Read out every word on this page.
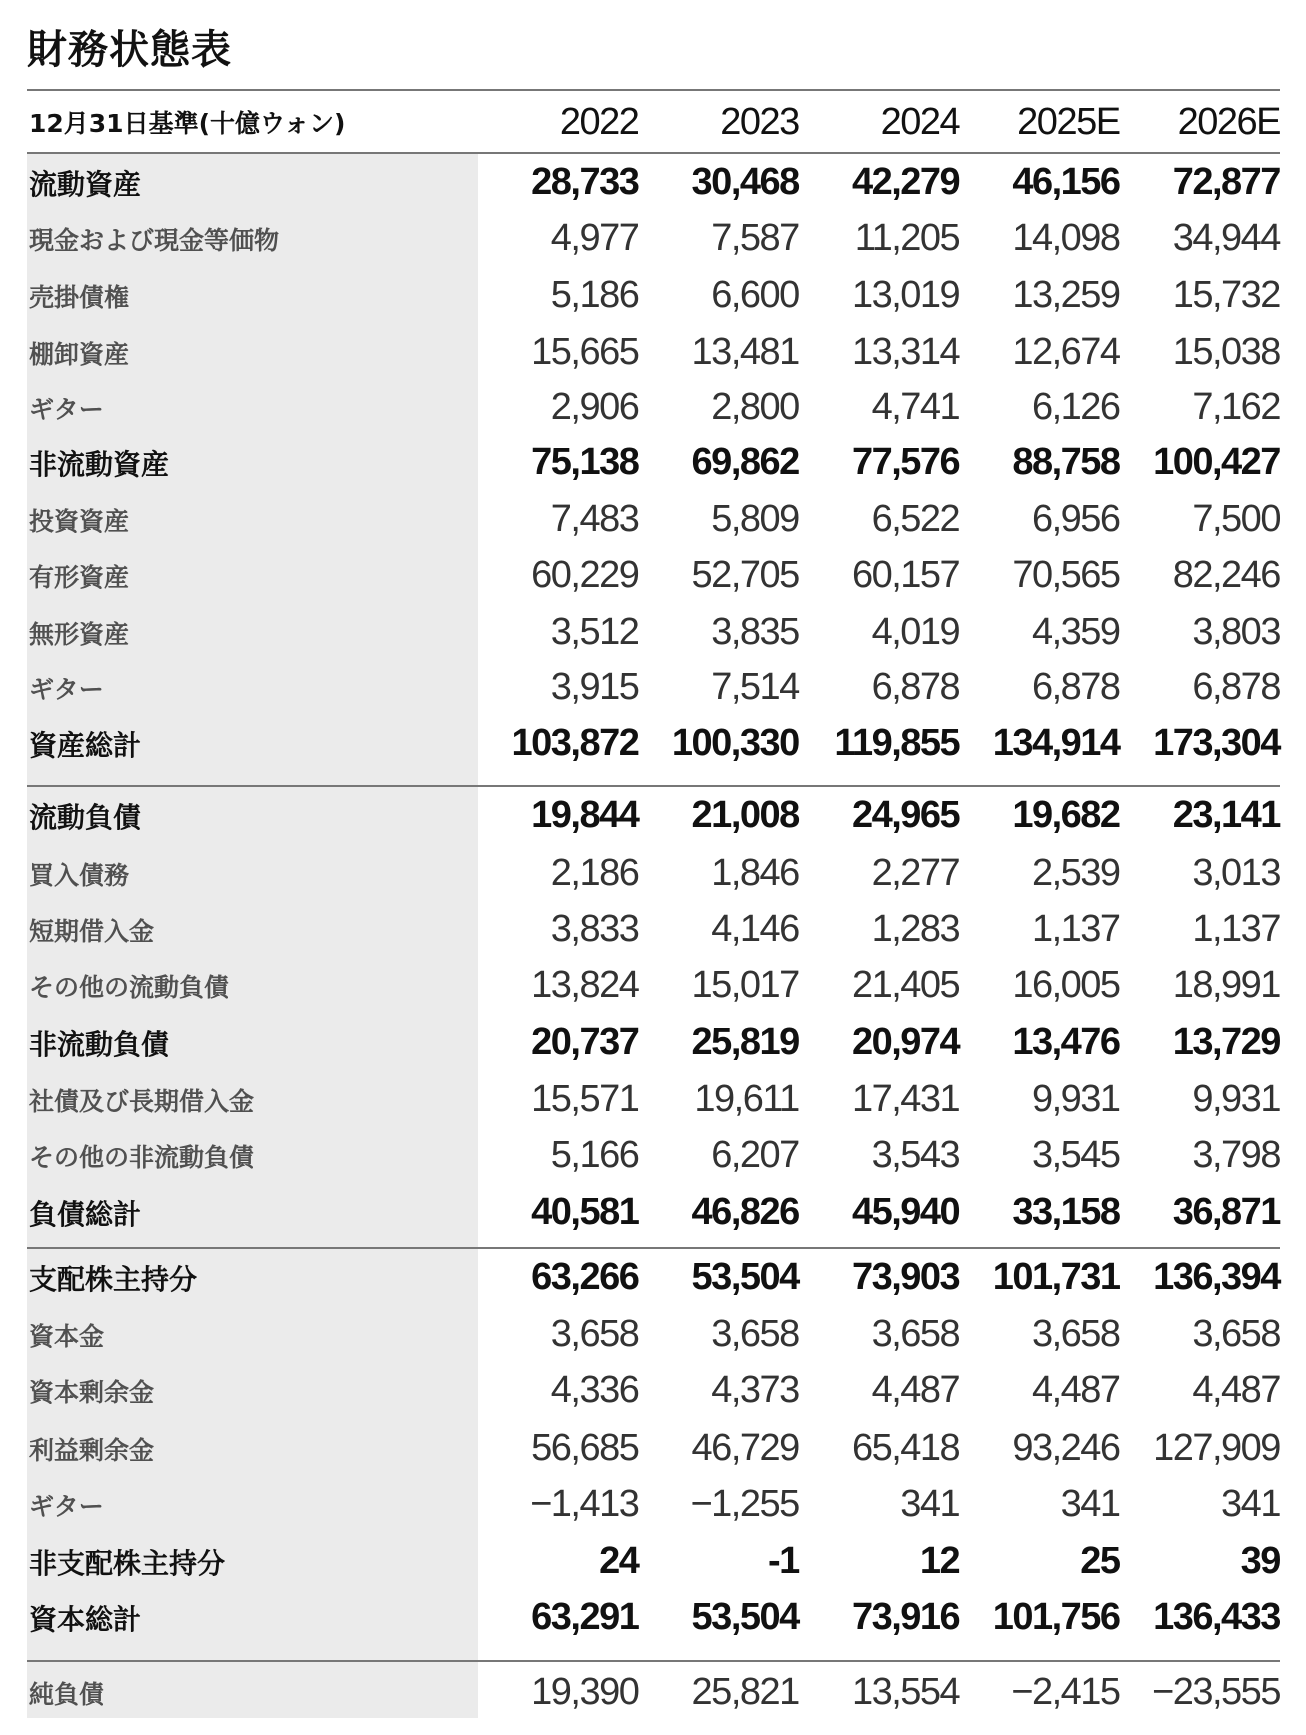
財務状態表
12月31日基準(十億ウォン)	2022	2023	2024	2025E	2026E
流動資産	28,733	30,468	42,279	46,156	72,877
現金および現金等価物	4,977	7,587	11,205	14,098	34,944
売掛債権	5,186	6,600	13,019	13,259	15,732
棚卸資産	15,665	13,481	13,314	12,674	15,038
ギター	2,906	2,800	4,741	6,126	7,162
非流動資産	75,138	69,862	77,576	88,758 100,427
投資資産	7,483	5,809	6,522	6,956	7,500
有形資産	60,229	52,705	60,157	70,565	82,246
無形資産	3,512	3,835	4,019	4,359	3,803
ギター	3,915	7,514	6,878	6,878	6,878
資産総計	103,872 100,330 119,855 134,914 173,304
流動負債	19,844	21,008	24,965	19,682	23,141
買入債務	2,186	1,846	2,277	2,539	3,013
短期借入金	3,833	4,146	1,283	1,137	1,137
その他の流動負債	13,824	15,017	21,405	16,005	18,991
非流動負債	20,737	25,819	20,974	13,476	13,729
社債及び長期借入金	15,571	19,611	17,431	9,931	9,931
その他の非流動負債	5,166	6,207	3,543	3,545	3,798
負債総計	40,581	46,826	45,940	33,158	36,871
支配株主持分	63,266	53,504	73,903 101,731 136,394
資本金	3,658	3,658	3,658	3,658	3,658
資本剰余金	4,336	4,373	4,487	4,487	4,487
利益剰余金	56,685	46,729	65,418	93,246 127,909
ギター	−1,413	−1,255	341	341	341
非支配株主持分	24	-1	12	25	39
資本総計	63,291	53,504	73,916 101,756 136,433
純負債	19,390	25,821	13,554	−2,415 −23,555
